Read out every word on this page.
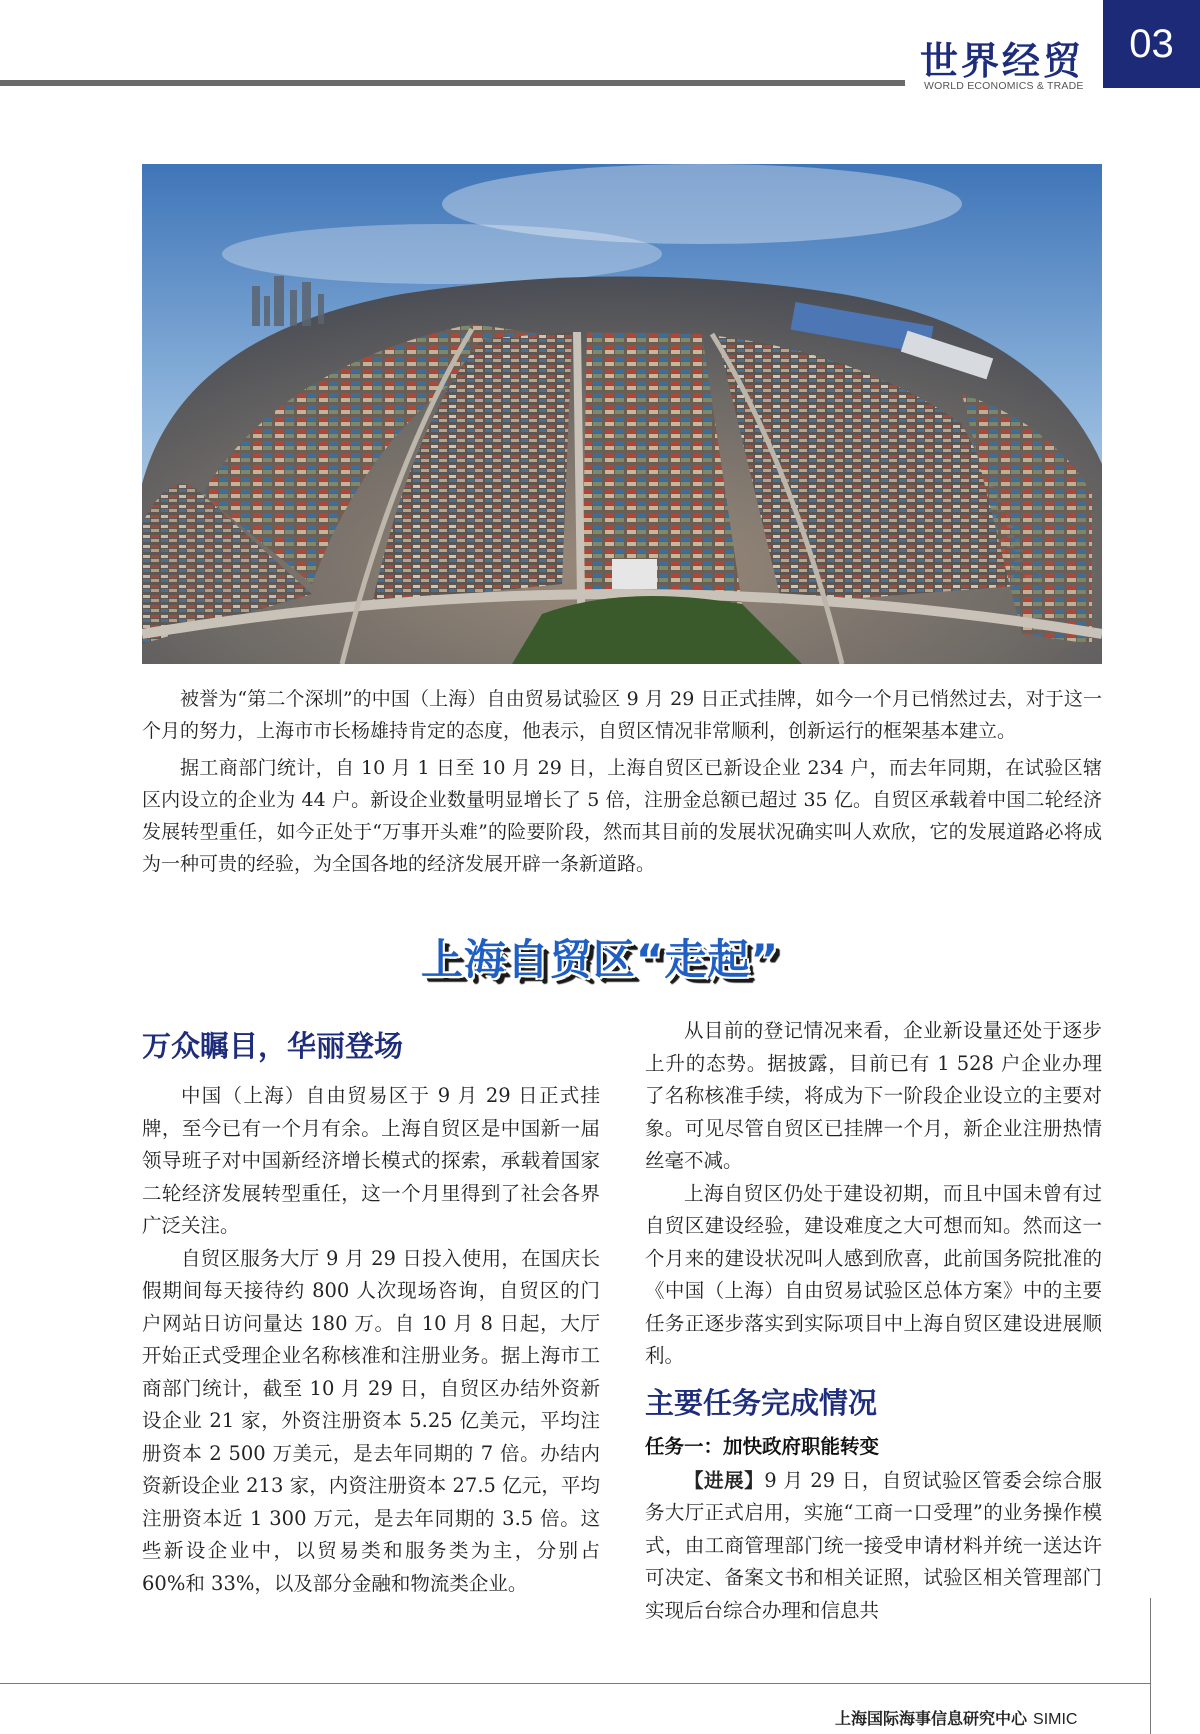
世界经贸
WORLD ECONOMICS & TRADE
03

被誉为“第二个深圳”的中国（上海）自由贸易试验区 9 月 29 日正式挂牌，如今一个月已悄然过去，对于这一个月的努力，上海市市长杨雄持肯定的态度，他表示，自贸区情况非常顺利，创新运行的框架基本建立。

据工商部门统计，自 10 月 1 日至 10 月 29 日，上海自贸区已新设企业 234 户，而去年同期，在试验区辖区内设立的企业为 44 户。新设企业数量明显增长了 5 倍，注册金总额已超过 35 亿。自贸区承载着中国二轮经济发展转型重任，如今正处于“万事开头难”的险要阶段，然而其目前的发展状况确实叫人欢欣，它的发展道路必将成为一种可贵的经验，为全国各地的经济发展开辟一条新道路。

上海自贸区“走起”
万众瞩目，华丽登场

中国（上海）自由贸易区于 9 月 29 日正式挂牌，至今已有一个月有余。上海自贸区是中国新一届领导班子对中国新经济增长模式的探索，承载着国家二轮经济发展转型重任，这一个月里得到了社会各界广泛关注。

自贸区服务大厅 9 月 29 日投入使用，在国庆长假期间每天接待约 800 人次现场咨询，自贸区的门户网站日访问量达 180 万。自 10 月 8 日起，大厅开始正式受理企业名称核准和注册业务。据上海市工商部门统计，截至 10 月 29 日，自贸区办结外资新设企业 21 家，外资注册资本 5.25 亿美元，平均注册资本 2 500 万美元，是去年同期的 7 倍。办结内资新设企业 213 家，内资注册资本 27.5 亿元，平均注册资本近 1 300 万元，是去年同期的 3.5 倍。这些新设企业中，以贸易类和服务类为主，分别占 60%和 33%，以及部分金融和物流类企业。

从目前的登记情况来看，企业新设量还处于逐步上升的态势。据披露，目前已有 1 528 户企业办理了名称核准手续，将成为下一阶段企业设立的主要对象。可见尽管自贸区已挂牌一个月，新企业注册热情丝毫不减。

上海自贸区仍处于建设初期，而且中国未曾有过自贸区建设经验，建设难度之大可想而知。然而这一个月来的建设状况叫人感到欣喜，此前国务院批准的《中国（上海）自由贸易试验区总体方案》中的主要任务正逐步落实到实际项目中上海自贸区建设进展顺利。

主要任务完成情况
任务一：加快政府职能转变

【进展】9 月 29 日，自贸试验区管委会综合服务大厅正式启用，实施“工商一口受理”的业务操作模式，由工商管理部门统一接受申请材料并统一送达许可决定、备案文书和相关证照，试验区相关管理部门实现后台综合办理和信息共

上海国际海事信息研究中心 SIMIC
